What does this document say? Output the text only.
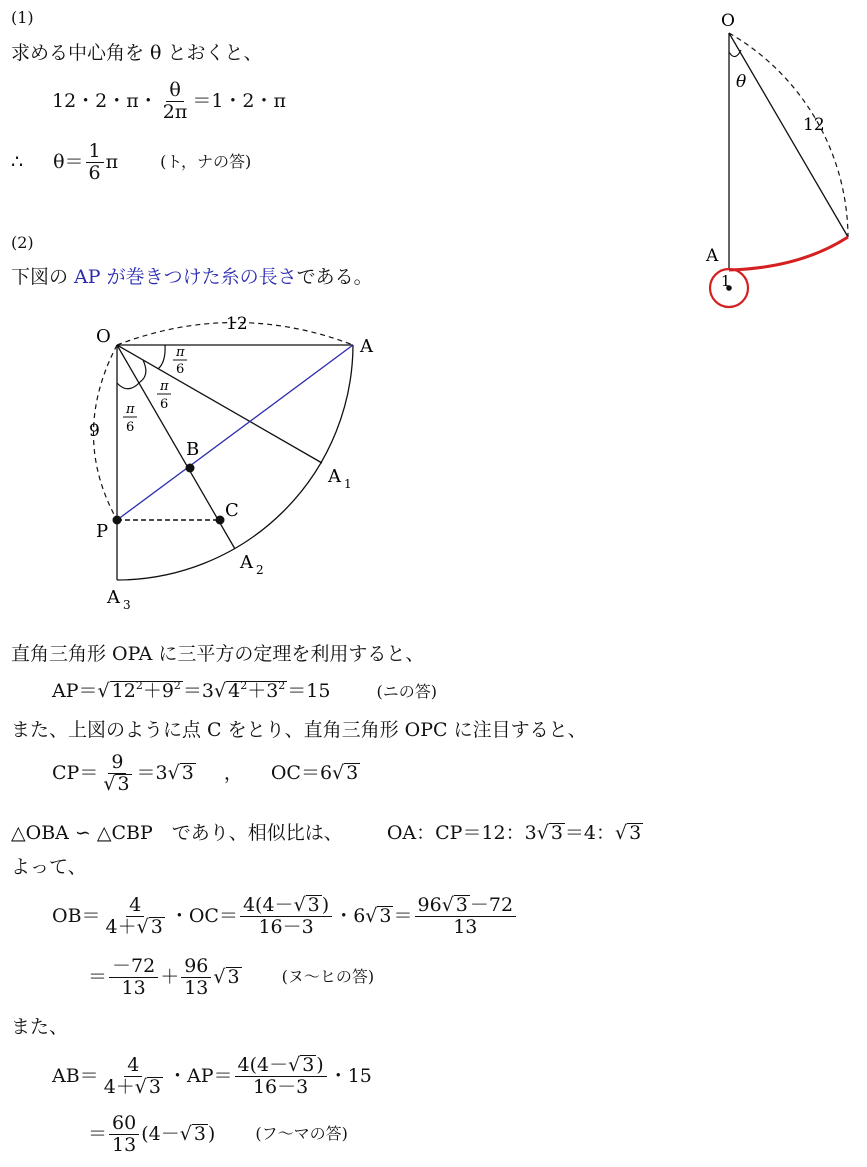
(1)
求める中心角を θ とおくと、
12・2・π・ $\frac{\theta}{2\pi} =1$・2・π
∴ $\theta= \frac{1}{6}$ π	(ト，ナの答)
O
θ
12
A
1
(2)
下図の AP が巻きつけた糸の長さである。
O
12
A
9
B
C
P
A 1
A 2
A 3
π
6
π
6
π
6
直角三角形 OPA に三平方の定理を利用すると、
AP＝√ $12^2+9^2 =3√$ $4^2+3^2 =15$	(ニの答)
また、上図のように点 C をとり、直角三角形 OPC に注目すると、
$CP= \frac{9}{√ 3} =3$ √ 3 ， OC＝6 √ 3
△OBA ∽ △CBP　であり、相似比は、 OA：CP＝12：3√ 3 ＝4：√ 3
よって、
$OB= \frac{4}{4+√ 3}$ ・$OC= \frac{4(4-√ 3 )}{16-3}$ ・6 √ $3 = \frac{96√ 3 -72}{13}$
＝ $\frac{-72}{13} + \frac{96}{13}$ √ 3	(ヌ～ヒの答)
また、
$AB= \frac{4}{4+√ 3}$ ・$AP= \frac{4(4-√ 3 )}{16-3}$ ・15
＝ $\frac{60}{13} (4-$ √ 3 )	(フ～マの答)
